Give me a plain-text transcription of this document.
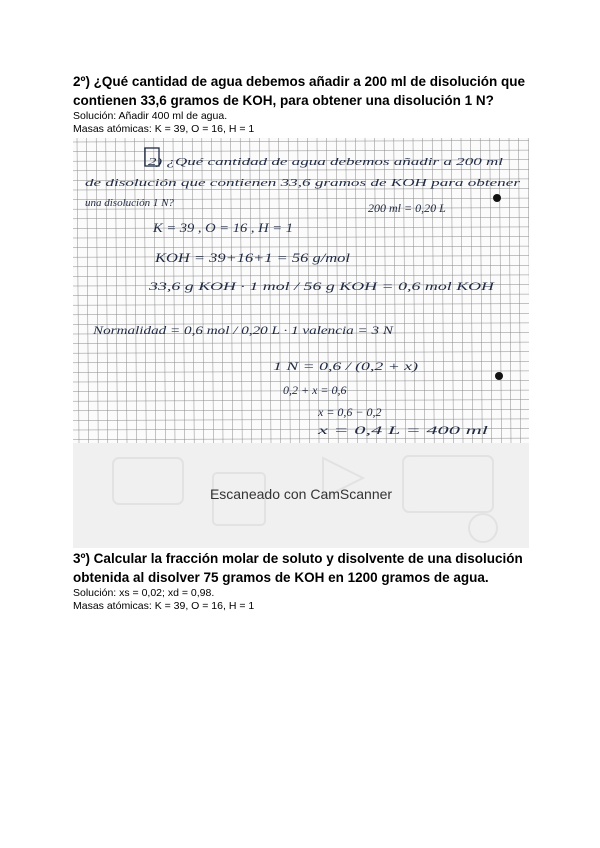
2º) ¿Qué cantidad de agua debemos añadir a 200 ml de disolución que
contienen 33,6 gramos de KOH, para obtener una disolución 1 N?

Solución: Añadir 400 ml de agua.

Masas atómicas: K = 39, O = 16, H = 1

2) ¿Qué cantidad de agua debemos añadir a 200 ml
de disolución que contienen 33,6 gramos de KOH para obtener
una disolución 1 N?	200 ml = 0,20 L
K = 39 , O = 16 , H = 1
KOH = 39+16+1 = 56 g/mol
33,6 g KOH · 1 mol / 56 g KOH = 0,6 mol KOH
Normalidad = 0,6 mol / 0,20 L · 1 valencia = 3 N
1 N = 0,6 / (0,2 + x)
0,2 + x = 0,6
x = 0,6 − 0,2
x = 0,4 L = 400 ml
Escaneado con CamScanner

3º) Calcular la fracción molar de soluto y disolvente de una disolución
obtenida al disolver 75 gramos de KOH en 1200 gramos de agua.

Solución: xs = 0,02; xd = 0,98.

Masas atómicas: K = 39, O = 16, H = 1
